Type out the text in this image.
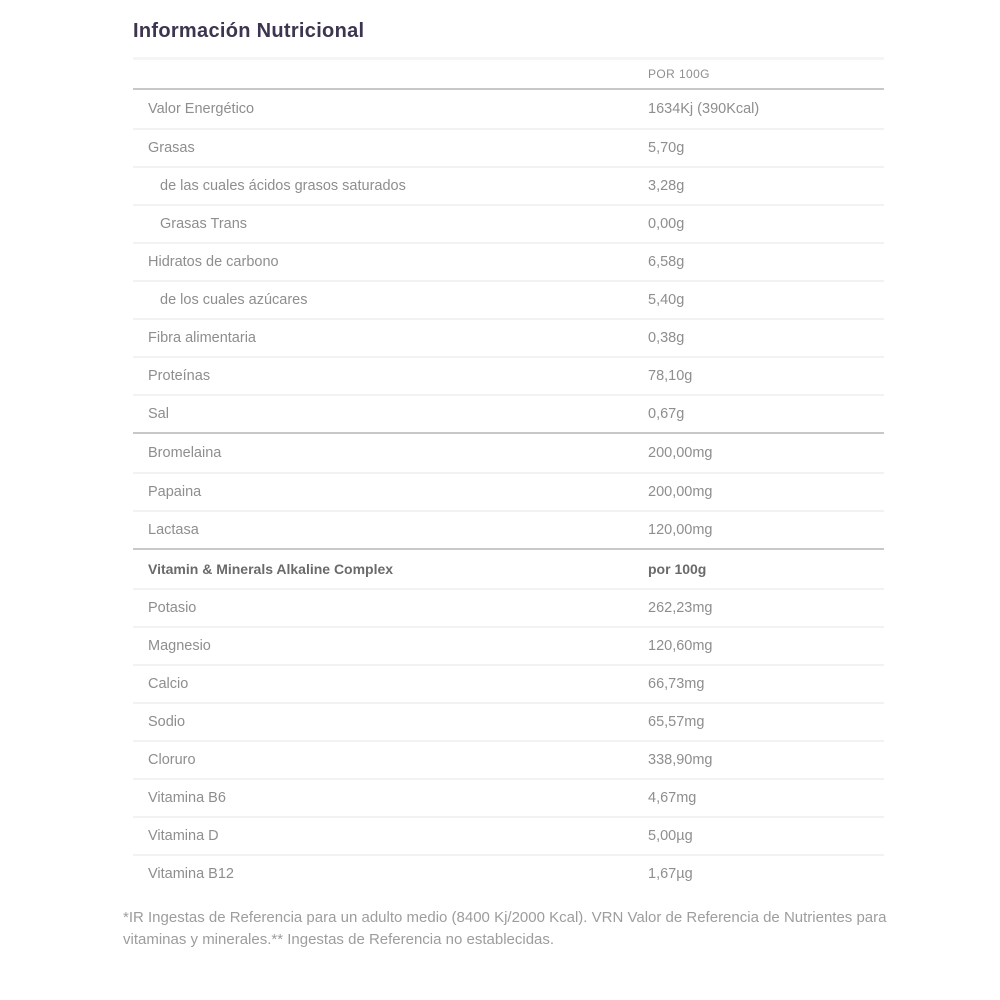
Información Nutricional
POR 100G
Valor Energético	1634Kj (390Kcal)
Grasas	5,70g
de las cuales ácidos grasos saturados	3,28g
Grasas Trans	0,00g
Hidratos de carbono	6,58g
de los cuales azúcares	5,40g
Fibra alimentaria	0,38g
Proteínas	78,10g
Sal	0,67g
Bromelaina	200,00mg
Papaina	200,00mg
Lactasa	120,00mg
Vitamin & Minerals Alkaline Complex	por 100g
Potasio	262,23mg
Magnesio	120,60mg
Calcio	66,73mg
Sodio	65,57mg
Cloruro	338,90mg
Vitamina B6	4,67mg
Vitamina D	5,00µg
Vitamina B12	1,67µg

*IR Ingestas de Referencia para un adulto medio (8400 Kj/2000 Kcal). VRN Valor de Referencia de Nutrientes para vitaminas y minerales.** Ingestas de Referencia no establecidas.
